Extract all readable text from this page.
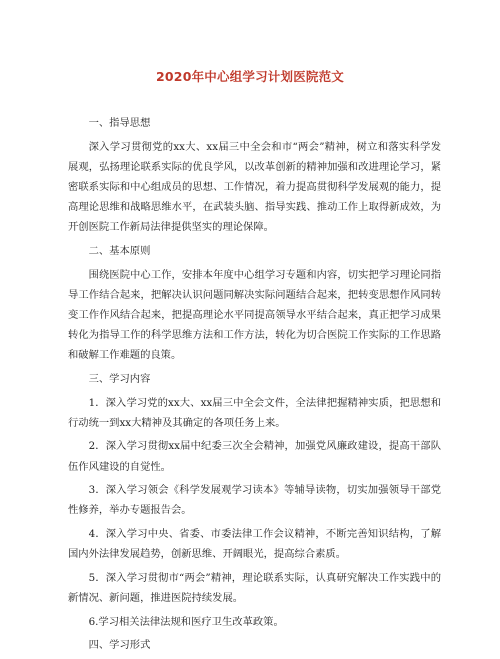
2020年中心组学习计划医院范文

一、指导思想

深入学习贯彻党的xx大、xx届三中全会和市“两会”精神，树立和落实科学发展观，弘扬理论联系实际的优良学风，以改革创新的精神加强和改进理论学习，紧密联系实际和中心组成员的思想、工作情况，着力提高贯彻科学发展观的能力，提高理论思维和战略思维水平，在武装头脑、指导实践、推动工作上取得新成效，为开创医院工作新局法律提供坚实的理论保障。

二、基本原则

围绕医院中心工作，安排本年度中心组学习专题和内容，切实把学习理论同指导工作结合起来，把解决认识问题同解决实际问题结合起来，把转变思想作风同转变工作作风结合起来，把提高理论水平同提高领导水平结合起来，真正把学习成果转化为指导工作的科学思维方法和工作方法，转化为切合医院工作实际的工作思路和破解工作难题的良策。

三、学习内容

1．深入学习党的xx大、xx届三中全会文件，全法律把握精神实质，把思想和行动统一到xx大精神及其确定的各项任务上来。

2．深入学习贯彻xx届中纪委三次全会精神，加强党风廉政建设，提高干部队伍作风建设的自觉性。

3．深入学习领会《科学发展观学习读本》等辅导读物，切实加强领导干部党性修养，举办专题报告会。

4．深入学习中央、省委、市委法律工作会议精神，不断完善知识结构，了解国内外法律发展趋势，创新思维、开阔眼光，提高综合素质。

5．深入学习贯彻市“两会”精神，理论联系实际，认真研究解决工作实践中的新情况、新问题，推进医院持续发展。

6.学习相关法律法规和医疗卫生改革政策。

四、学习形式
